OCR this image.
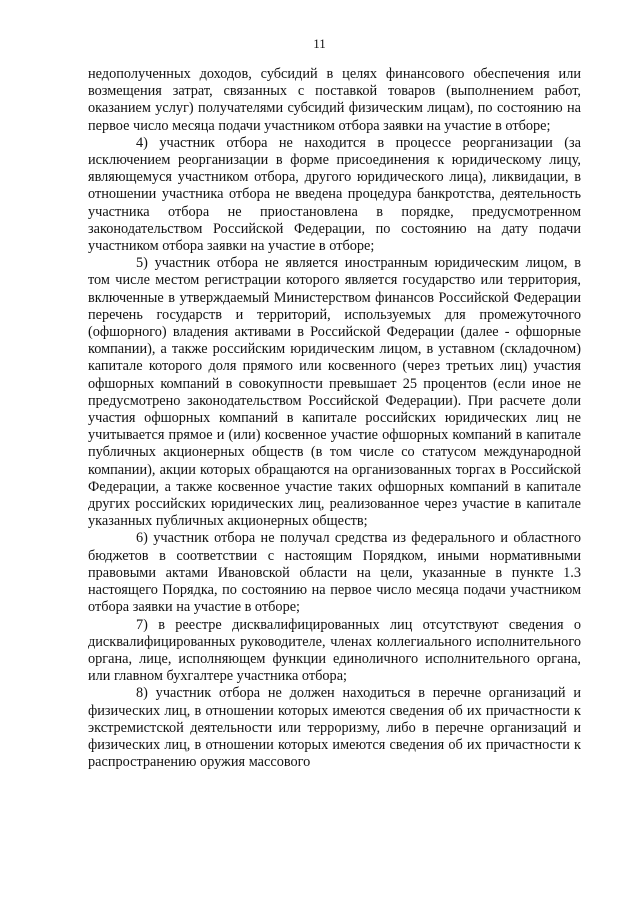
11

недополученных доходов, субсидий в целях финансового обеспечения или возмещения затрат, связанных с поставкой товаров (выполнением работ, оказанием услуг) получателями субсидий физическим лицам), по состоянию на первое число месяца подачи участником отбора заявки на участие в отборе;

4) участник отбора не находится в процессе реорганизации (за исключением реорганизации в форме присоединения к юридическому лицу, являющемуся участником отбора, другого юридического лица), ликвидации, в отношении участника отбора не введена процедура банкротства, деятельность участника отбора не приостановлена в порядке, предусмотренном законодательством Российской Федерации, по состоянию на дату подачи участником отбора заявки на участие в отборе;

5) участник отбора не является иностранным юридическим лицом, в том числе местом регистрации которого является государство или территория, включенные в утверждаемый Министерством финансов Российской Федерации перечень государств и территорий, используемых для промежуточного (офшорного) владения активами в Российской Федерации (далее - офшорные компании), а также российским юридическим лицом, в уставном (складочном) капитале которого доля прямого или косвенного (через третьих лиц) участия офшорных компаний в совокупности превышает 25 процентов (если иное не предусмотрено законодательством Российской Федерации). При расчете доли участия офшорных компаний в капитале российских юридических лиц не учитывается прямое и (или) косвенное участие офшорных компаний в капитале публичных акционерных обществ (в том числе со статусом международной компании), акции которых обращаются на организованных торгах в Российской Федерации, а также косвенное участие таких офшорных компаний в капитале других российских юридических лиц, реализованное через участие в капитале указанных публичных акционерных обществ;

6) участник отбора не получал средства из федерального и областного бюджетов в соответствии с настоящим Порядком, иными нормативными правовыми актами Ивановской области на цели, указанные в пункте 1.3 настоящего Порядка, по состоянию на первое число месяца подачи участником отбора заявки на участие в отборе;

7) в реестре дисквалифицированных лиц отсутствуют сведения о дисквалифицированных руководителе, членах коллегиального исполнительного органа, лице, исполняющем функции единоличного исполнительного органа, или главном бухгалтере участника отбора;

8) участник отбора не должен находиться в перечне организаций и физических лиц, в отношении которых имеются сведения об их причастности к экстремистской деятельности или терроризму, либо в перечне организаций и физических лиц, в отношении которых имеются сведения об их причастности к распространению оружия массового
